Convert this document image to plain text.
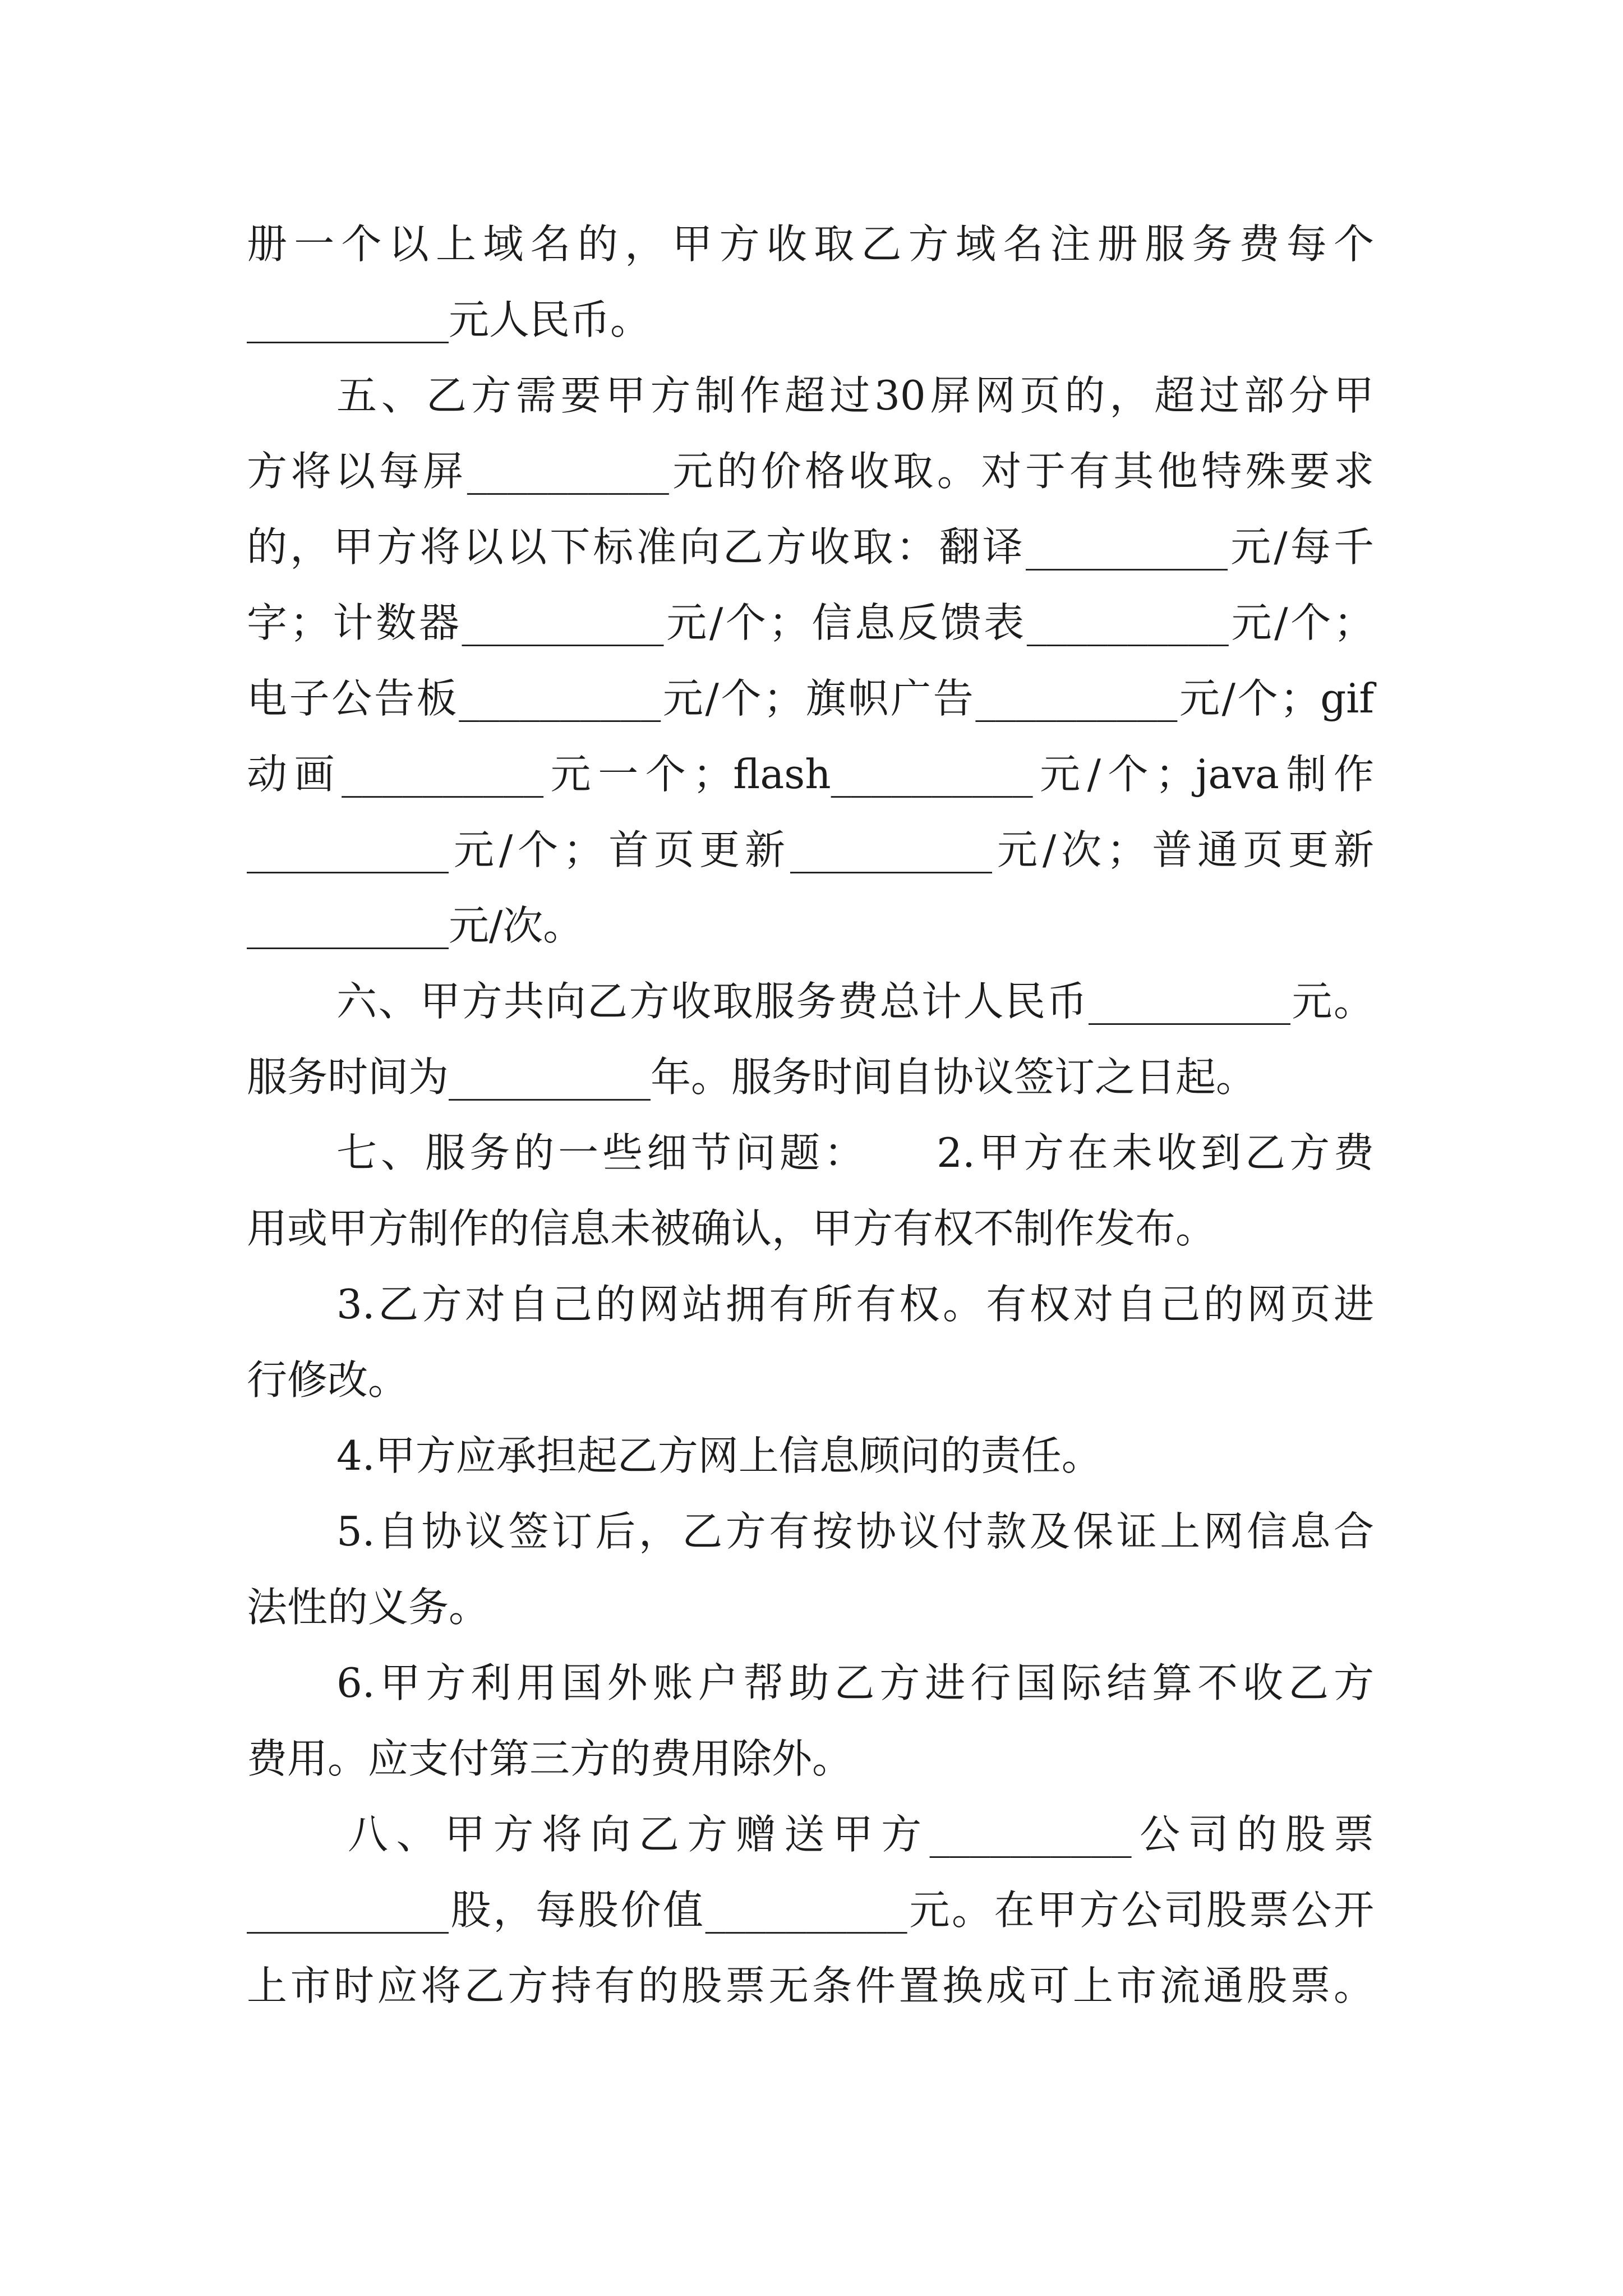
册一个以上域名的，甲方收取乙方域名注册服务费每个

__________元人民币。

五、乙方需要甲方制作超过30屏网页的，超过部分甲

方将以每屏__________元的价格收取。对于有其他特殊要求

的，甲方将以以下标准向乙方收取：翻译__________元/每千

字；计数器__________元/个；信息反馈表__________元/个；

电子公告板__________元/个；旗帜广告__________元/个；gif

动画__________元一个；flash__________元/个；java制作

__________元/个；首页更新__________元/次；普通页更新

__________元/次。

六、甲方共向乙方收取服务费总计人民币__________元。

服务时间为__________年。服务时间自协议签订之日起。

七、服务的一些细节问题：　　2.甲方在未收到乙方费

用或甲方制作的信息未被确认，甲方有权不制作发布。

3.乙方对自己的网站拥有所有权。有权对自己的网页进

行修改。

4.甲方应承担起乙方网上信息顾问的责任。

5.自协议签订后，乙方有按协议付款及保证上网信息合

法性的义务。

6.甲方利用国外账户帮助乙方进行国际结算不收乙方

费用。应支付第三方的费用除外。

八、甲方将向乙方赠送甲方__________公司的股票

__________股，每股价值__________元。在甲方公司股票公开

上市时应将乙方持有的股票无条件置换成可上市流通股票。
